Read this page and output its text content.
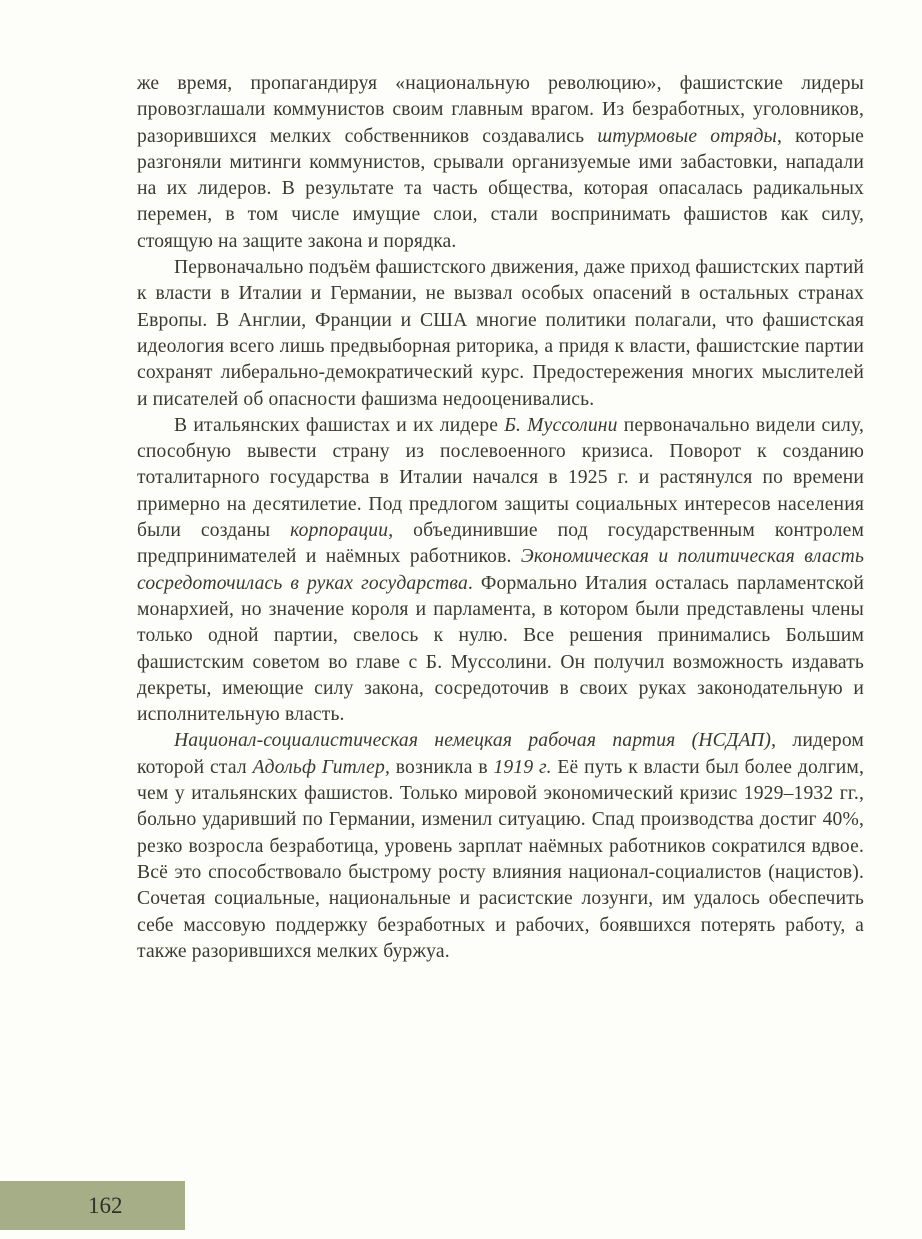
же время, пропагандируя «национальную революцию», фашистские лидеры провозглашали коммунистов своим главным врагом. Из безработных, уголовников, разорившихся мелких собственников создавались штурмовые отряды, которые разгоняли митинги коммунистов, срывали организуемые ими забастовки, нападали на их лидеров. В результате та часть общества, которая опасалась радикальных перемен, в том числе имущие слои, стали воспринимать фашистов как силу, стоящую на защите закона и порядка.

Первоначально подъём фашистского движения, даже приход фашистских партий к власти в Италии и Германии, не вызвал особых опасений в остальных странах Европы. В Англии, Франции и США многие политики полагали, что фашистская идеология всего лишь предвыборная риторика, а придя к власти, фашистские партии сохранят либерально-демократический курс. Предостережения многих мыслителей и писателей об опасности фашизма недооценивались.

В итальянских фашистах и их лидере Б. Муссолини первоначально видели силу, способную вывести страну из послевоенного кризиса. Поворот к созданию тоталитарного государства в Италии начался в 1925 г. и растянулся по времени примерно на десятилетие. Под предлогом защиты социальных интересов населения были созданы корпорации, объединившие под государственным контролем предпринимателей и наёмных работников. Экономическая и политическая власть сосредоточилась в руках государства. Формально Италия осталась парламентской монархией, но значение короля и парламента, в котором были представлены члены только одной партии, свелось к нулю. Все решения принимались Большим фашистским советом во главе с Б. Муссолини. Он получил возможность издавать декреты, имеющие силу закона, сосредоточив в своих руках законодательную и исполнительную власть.

Национал-социалистическая немецкая рабочая партия (НСДАП), лидером которой стал Адольф Гитлер, возникла в 1919 г. Её путь к власти был более долгим, чем у итальянских фашистов. Только мировой экономический кризис 1929–1932 гг., больно ударивший по Германии, изменил ситуацию. Спад производства достиг 40%, резко возросла безработица, уровень зарплат наёмных работников сократился вдвое. Всё это способствовало быстрому росту влияния национал-социалистов (нацистов). Сочетая социальные, национальные и расистские лозунги, им удалось обеспечить себе массовую поддержку безработных и рабочих, боявшихся потерять работу, а также разорившихся мелких буржуа.

162
